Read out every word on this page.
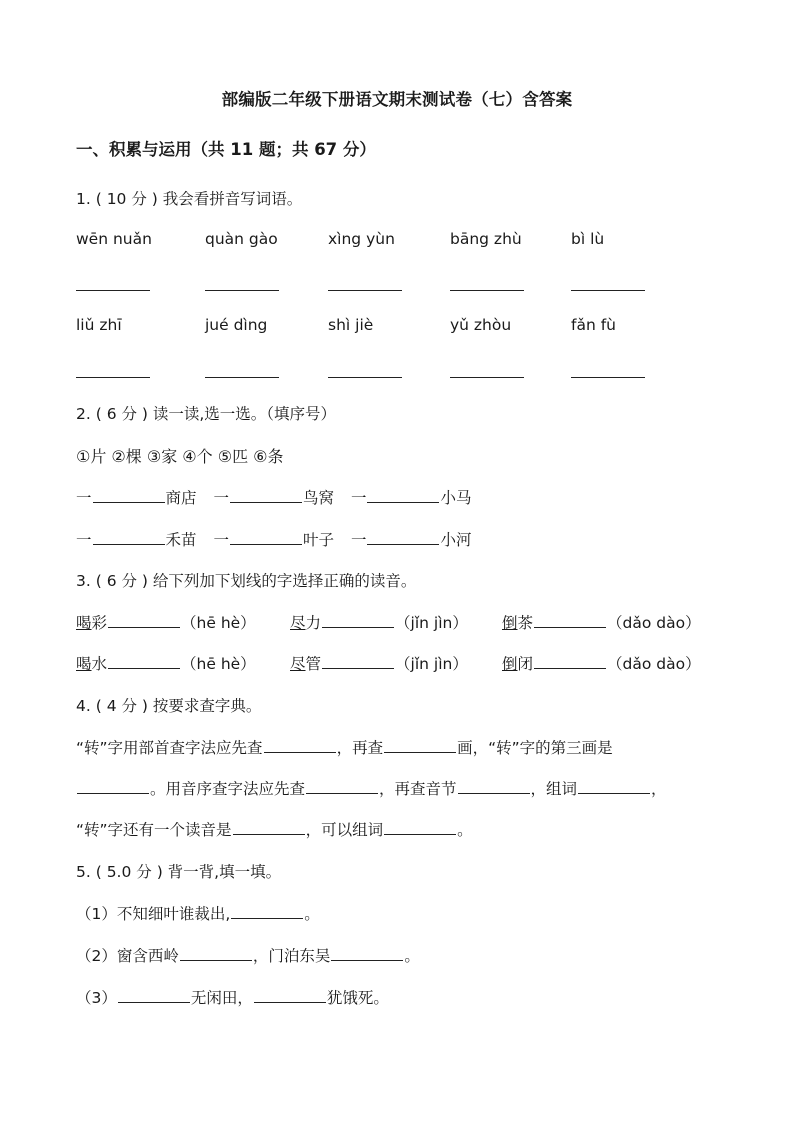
部编版二年级下册语文期末测试卷（七）含答案
一、积累与运用（共 11 题；共 67 分）
1. ( 10 分 ) 我会看拼音写词语。
wēn nuǎn	quàn gào	xìng yùn	bāng zhù	bì lù
liǔ zhī	jué dìng	shì jiè	yǔ zhòu	fǎn fù
2. ( 6 分 ) 读一读,选一选。（填序号）
①片 ②棵 ③家 ④个 ⑤匹 ⑥条
一	商店 一	鸟窝 一	小马
一	禾苗 一	叶子 一	小河
3. ( 6 分 ) 给下列加下划线的字选择正确的读音。
喝彩	（hē hè） 尽力	（jǐn jìn） 倒茶	（dǎo dào）
喝水	（hē hè） 尽管	（jǐn jìn） 倒闭	（dǎo dào）
4. ( 4 分 ) 按要求查字典。
“转”字用部首查字法应先查	，再查	画，“转”字的第三画是
。用音序查字法应先查	，再查音节	，组词	，
“转”字还有一个读音是	，可以组词	。
5. ( 5.0 分 ) 背一背,填一填。
（1）不知细叶谁裁出,	。
（2）窗含西岭	，门泊东吴	。
（3）	无闲田，	犹饿死。
